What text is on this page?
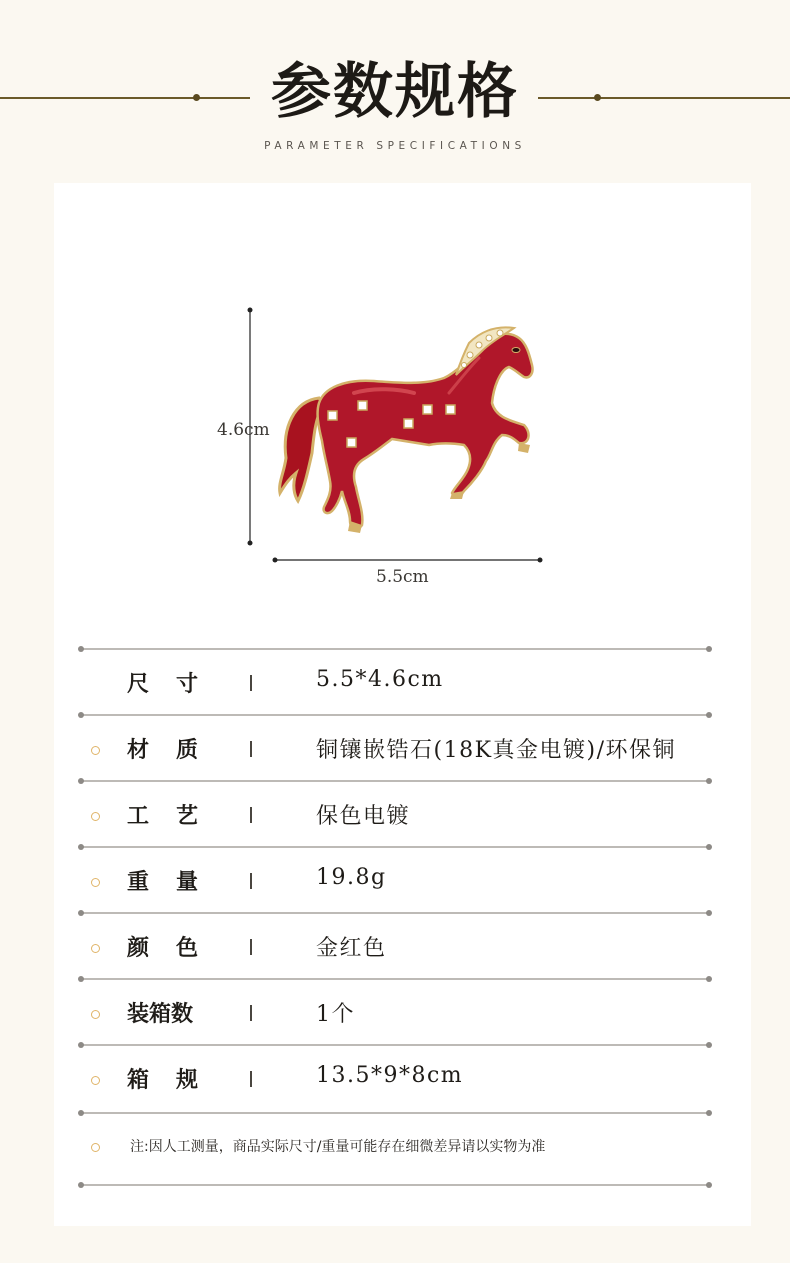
参数规格
PARAMETER SPECIFICATIONS
4.6cm
5.5cm
尺寸	5.5*4.6cm
材质	铜镶嵌锆石(18K真金电镀)/环保铜
工艺	保色电镀
重量	19.8g
颜色	金红色
装箱数	1个
箱规	13.5*9*8cm
注:因人工测量，商品实际尺寸/重量可能存在细微差异请以实物为准
